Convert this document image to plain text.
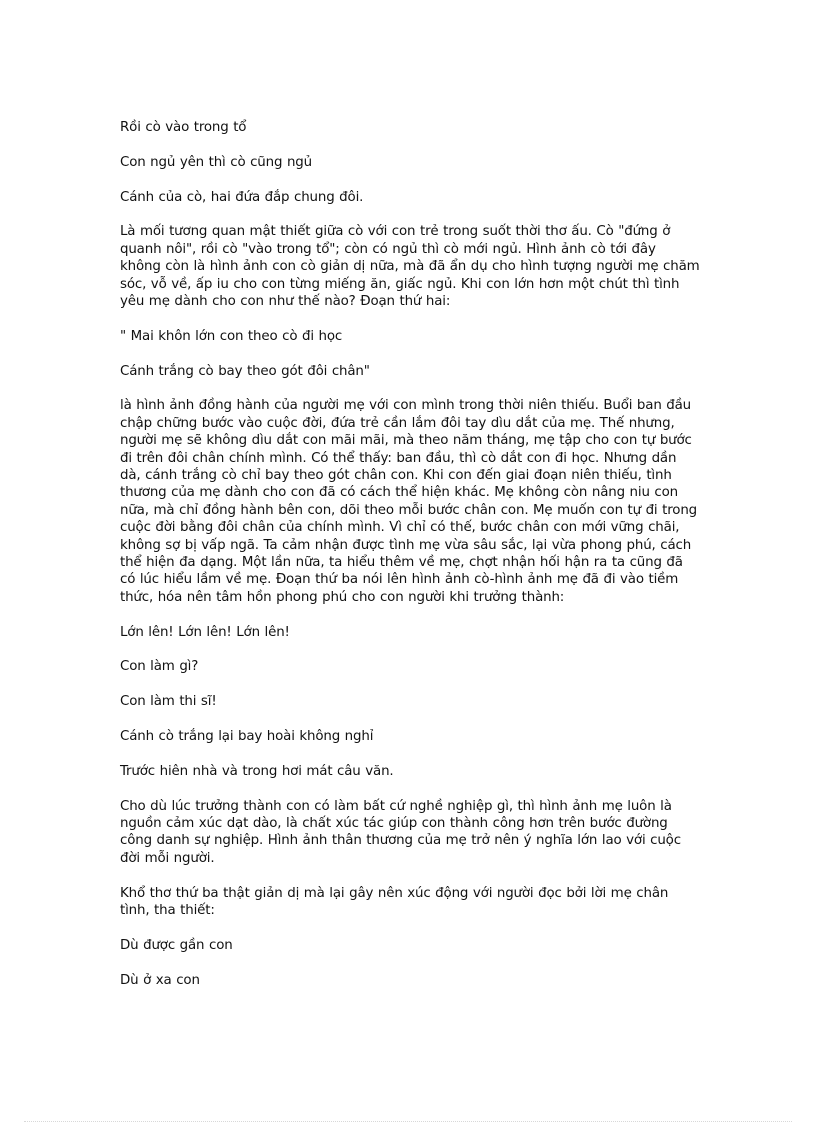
Rồi cò vào trong tổ

Con ngủ yên thì cò cũng ngủ

Cánh của cò, hai đứa đắp chung đôi.

Là mối tương quan mật thiết giữa cò với con trẻ trong suốt thời thơ ấu. Cò "đứng ở quanh nôi", rồi cò "vào trong tổ"; còn có ngủ thì cò mới ngủ. Hình ảnh cò tới đây không còn là hình ảnh con cò giản dị nữa, mà đã ẩn dụ cho hình tượng người mẹ chăm sóc, vỗ về, ấp iu cho con từng miếng ăn, giấc ngủ. Khi con lớn hơn một chút thì tình yêu mẹ dành cho con như thế nào? Đoạn thứ hai:

" Mai khôn lớn con theo cò đi học

Cánh trắng cò bay theo gót đôi chân"

là hình ảnh đồng hành của người mẹ với con mình trong thời niên thiếu. Buổi ban đầu chập chững bước vào cuộc đời, đứa trẻ cần lắm đôi tay dìu dắt của mẹ. Thế nhưng, người mẹ sẽ không dìu dắt con mãi mãi, mà theo năm tháng, mẹ tập cho con tự bước đi trên đôi chân chính mình. Có thể thấy: ban đầu, thì cò dắt con đi học. Nhưng dần dà, cánh trắng cò chỉ bay theo gót chân con. Khi con đến giai đoạn niên thiếu, tình thương của mẹ dành cho con đã có cách thể hiện khác. Mẹ không còn nâng niu con nữa, mà chỉ đồng hành bên con, dõi theo mỗi bước chân con. Mẹ muốn con tự đi trong cuộc đời bằng đôi chân của chính mình. Vì chỉ có thế, bước chân con mới vững chãi, không sợ bị vấp ngã. Ta cảm nhận được tình mẹ vừa sâu sắc, lại vừa phong phú, cách thể hiện đa dạng. Một lần nữa, ta hiểu thêm về mẹ, chợt nhận hối hận ra ta cũng đã có lúc hiểu lầm về mẹ. Đoạn thứ ba nói lên hình ảnh cò-hình ảnh mẹ đã đi vào tiềm thức, hóa nên tâm hồn phong phú cho con người khi trưởng thành:

Lớn lên! Lớn lên! Lớn lên!

Con làm gì?

Con làm thi sĩ!

Cánh cò trắng lại bay hoài không nghỉ

Trước hiên nhà và trong hơi mát câu văn.

Cho dù lúc trưởng thành con có làm bất cứ nghề nghiệp gì, thì hình ảnh mẹ luôn là nguồn cảm xúc dạt dào, là chất xúc tác giúp con thành công hơn trên bước đường công danh sự nghiệp. Hình ảnh thân thương của mẹ trở nên ý nghĩa lớn lao với cuộc đời mỗi người.

Khổ thơ thứ ba thật giản dị mà lại gây nên xúc động với người đọc bởi lời mẹ chân tình, tha thiết:

Dù được gần con

Dù ở xa con
